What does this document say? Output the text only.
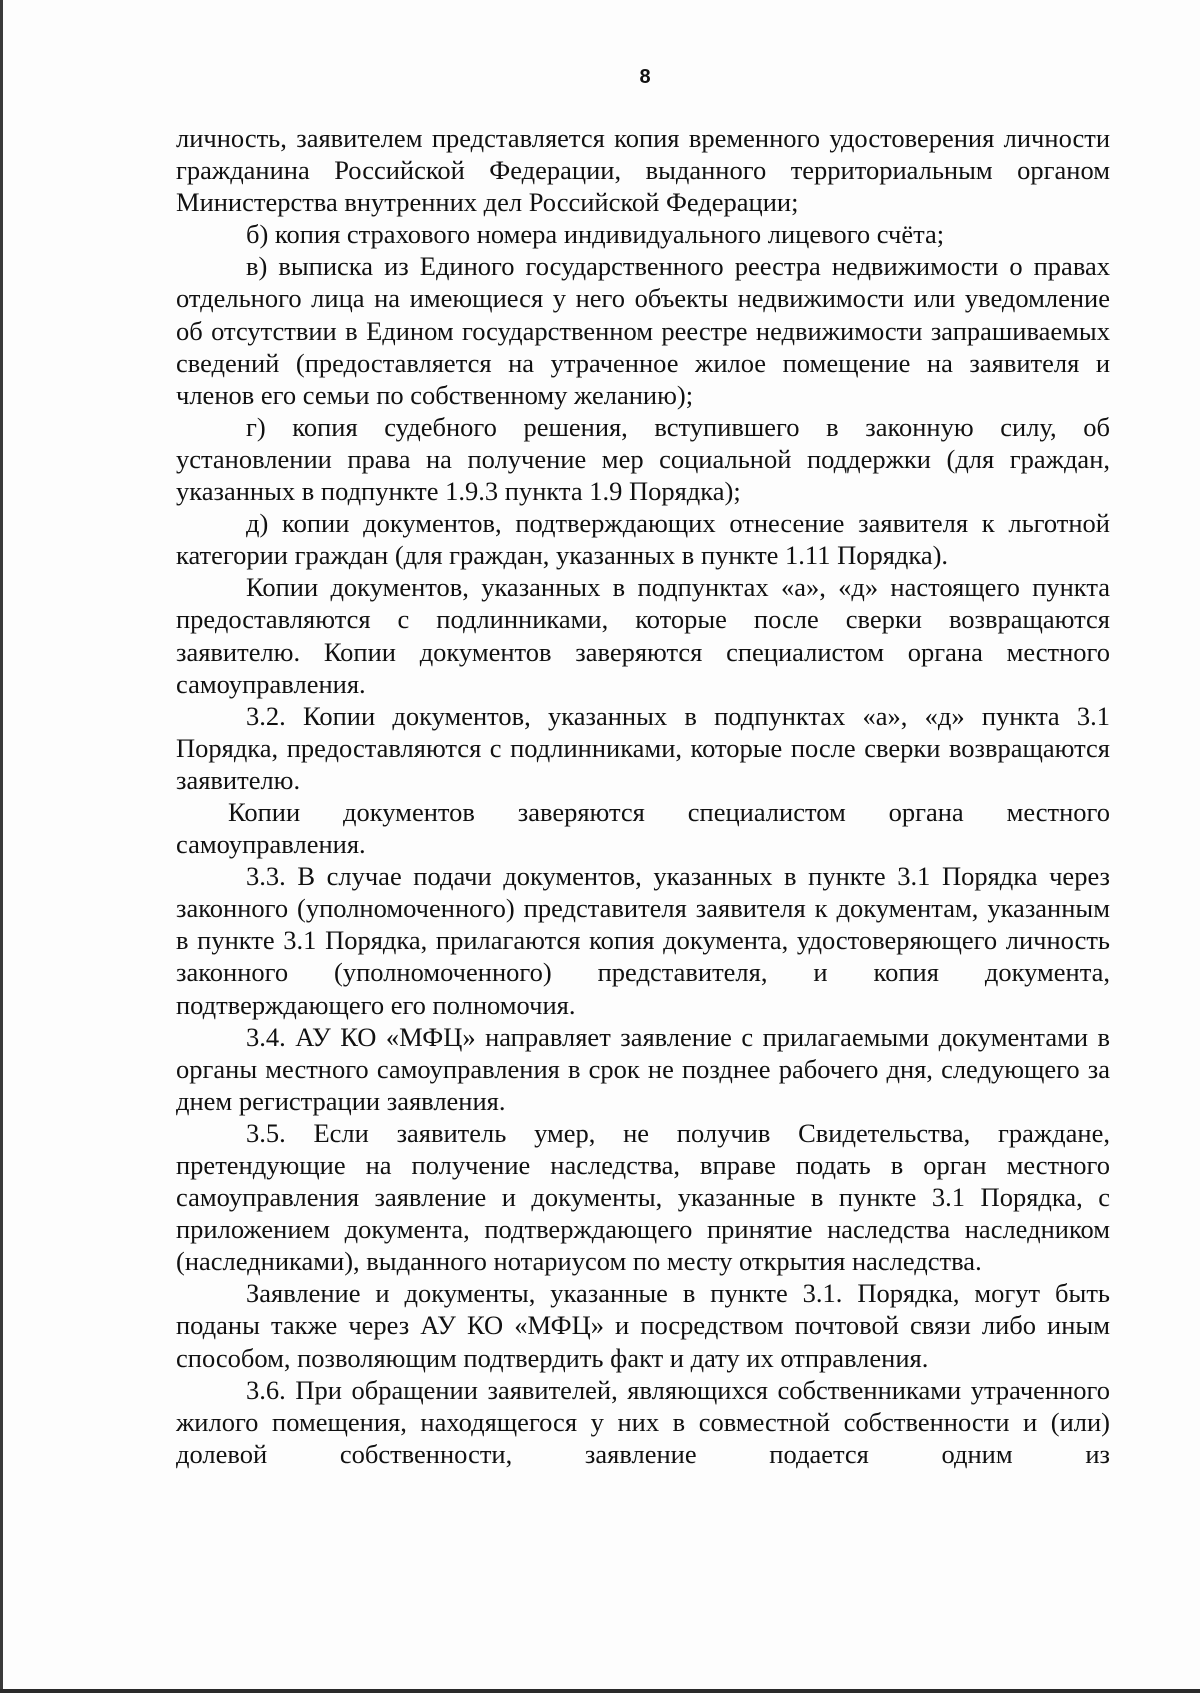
8

личность, заявителем представляется копия временного удостоверения личности гражданина Российской Федерации, выданного территориальным органом Министерства внутренних дел Российской Федерации;

б) копия страхового номера индивидуального лицевого счёта;

в) выписка из Единого государственного реестра недвижимости о правах отдельного лица на имеющиеся у него объекты недвижимости или уведомление об отсутствии в Едином государственном реестре недвижимости запрашиваемых сведений (предоставляется на утраченное жилое помещение на заявителя и членов его семьи по собственному желанию);

г) копия судебного решения, вступившего в законную силу, об установлении права на получение мер социальной поддержки (для граждан, указанных в подпункте 1.9.3 пункта 1.9 Порядка);

д) копии документов, подтверждающих отнесение заявителя к льготной категории граждан (для граждан, указанных в пункте 1.11 Порядка).

Копии документов, указанных в подпунктах «а», «д» настоящего пункта предоставляются с подлинниками, которые после сверки возвращаются заявителю. Копии документов заверяются специалистом органа местного самоуправления.

3.2. Копии документов, указанных в подпунктах «а», «д» пункта 3.1 Порядка, предоставляются с подлинниками, которые после сверки возвращаются заявителю.

Копии документов заверяются специалистом органа местного самоуправления.

3.3. В случае подачи документов, указанных в пункте 3.1 Порядка через законного (уполномоченного) представителя заявителя к документам, указанным в пункте 3.1 Порядка, прилагаются копия документа, удостоверяющего личность законного (уполномоченного) представителя, и копия документа, подтверждающего его полномочия.

3.4. АУ КО «МФЦ» направляет заявление с прилагаемыми документами в органы местного самоуправления в срок не позднее рабочего дня, следующего за днем регистрации заявления.

3.5. Если заявитель умер, не получив Свидетельства, граждане, претендующие на получение наследства, вправе подать в орган местного самоуправления заявление и документы, указанные в пункте 3.1 Порядка, с приложением документа, подтверждающего принятие наследства наследником (наследниками), выданного нотариусом по месту открытия наследства.

Заявление и документы, указанные в пункте 3.1. Порядка, могут быть поданы также через АУ КО «МФЦ» и посредством почтовой связи либо иным способом, позволяющим подтвердить факт и дату их отправления.

3.6. При обращении заявителей, являющихся собственниками утраченного жилого помещения, находящегося у них в совместной собственности и (или) долевой собственности, заявление подается одним из
